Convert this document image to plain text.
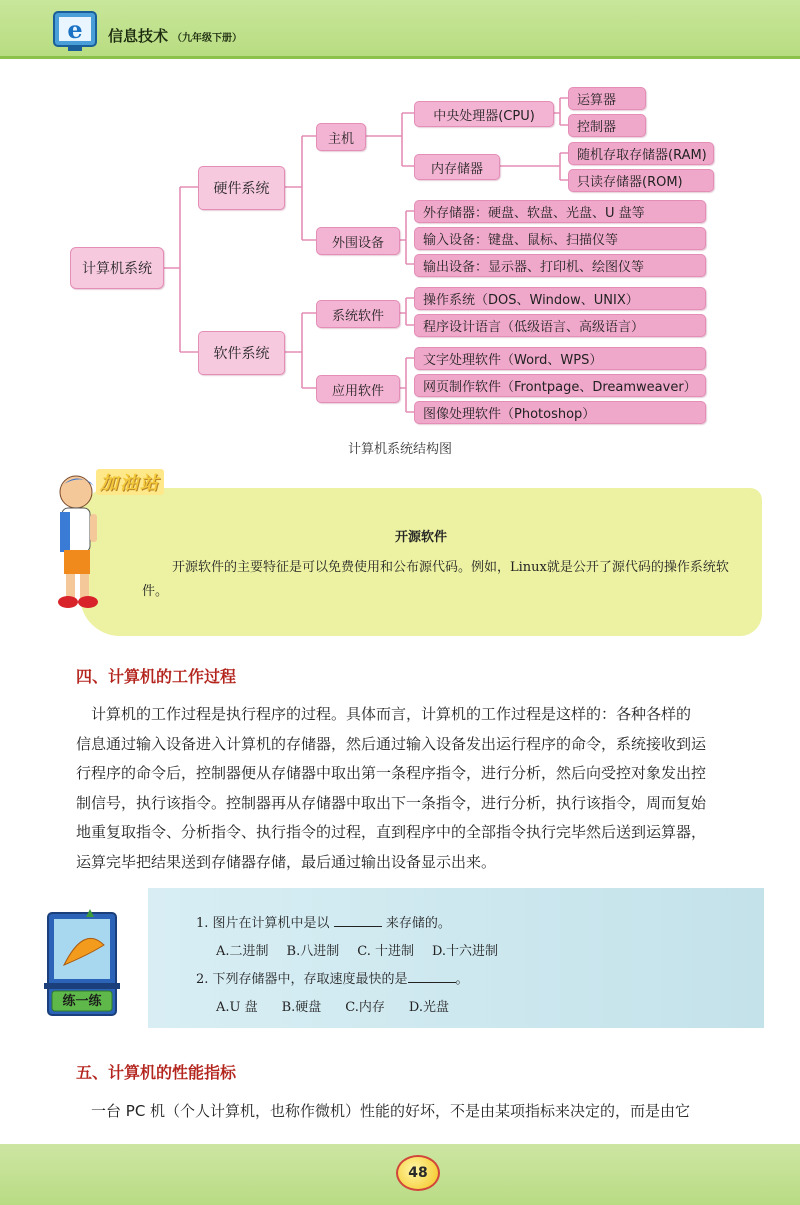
e 信息技术 （九年级下册）
计算机系统
硬件系统
软件系统
主机
外围设备
系统软件
应用软件
中央处理器(CPU)
内存储器
运算器
控制器
随机存取存储器(RAM)
只读存储器(ROM)
外存储器：硬盘、软盘、光盘、U 盘等
输入设备：键盘、鼠标、扫描仪等
输出设备：显示器、打印机、绘图仪等
操作系统（DOS、Window、UNIX）
程序设计语言（低级语言、高级语言）
文字处理软件（Word、WPS）
网页制作软件（Frontpage、Dreamweaver）
图像处理软件（Photoshop）
计算机系统结构图
加油站
开源软件
开源软件的主要特征是可以免费使用和公布源代码。例如，Linux就是公开了源代码的操作系统软件。
四、计算机的工作过程
　计算机的工作过程是执行程序的过程。具体而言，计算机的工作过程是这样的：各种各样的
信息通过输入设备进入计算机的存储器，然后通过输入设备发出运行程序的命令，系统接收到运
行程序的命令后，控制器便从存储器中取出第一条程序指令，进行分析，然后向受控对象发出控
制信号，执行该指令。控制器再从存储器中取出下一条指令，进行分析，执行该指令，周而复始
地重复取指令、分析指令、执行指令的过程，直到程序中的全部指令执行完毕然后送到运算器，
运算完毕把结果送到存储器存储，最后通过输出设备显示出来。
练一练
1. 图片在计算机中是以	来存储的。
A.二进制 B.八进制 C. 十进制 D.十六进制
2. 下列存储器中，存取速度最快的是	。
A.U 盘 B.硬盘 C.内存 D.光盘
五、计算机的性能指标
　一台 PC 机（个人计算机，也称作微机）性能的好坏，不是由某项指标来决定的，而是由它
48
